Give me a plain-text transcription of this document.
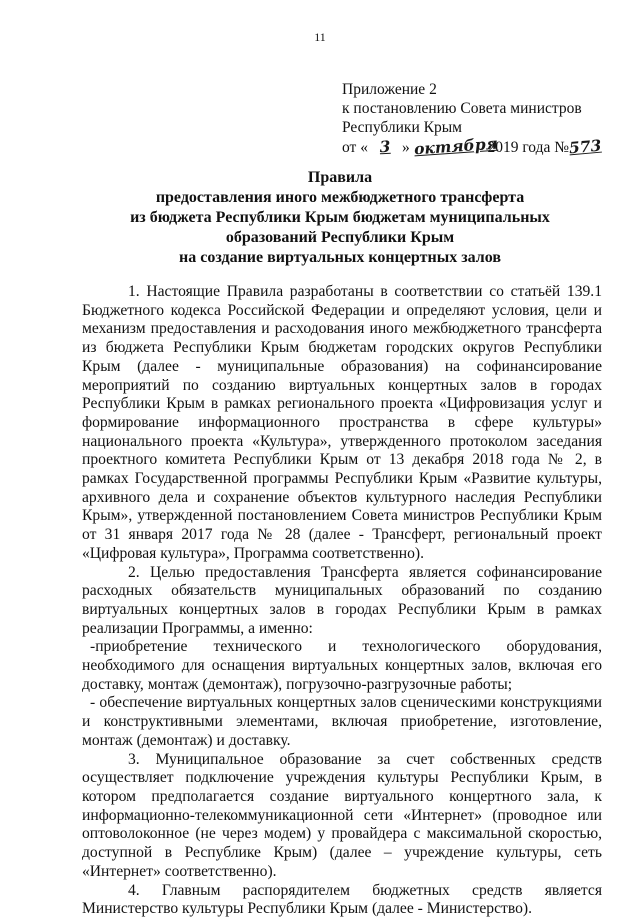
11
Приложение 2
к постановлению Совета министров
Республики Крым
от « 3 » октября 2019 года №573
Правила
предоставления иного межбюджетного трансферта
из бюджета Республики Крым бюджетам муниципальных
образований Республики Крым
на создание виртуальных концертных залов

1. Настоящие Правила разработаны в соответствии со статьёй 139.1 Бюджетного кодекса Российской Федерации и определяют условия, цели и механизм предоставления и расходования иного межбюджетного трансферта из бюджета Республики Крым бюджетам городских округов Республики Крым (далее - муниципальные образования) на софинансирование мероприятий по созданию виртуальных концертных залов в городах Республики Крым в рамках регионального проекта «Цифровизация услуг и формирование информационного пространства в сфере культуры» национального проекта «Культура», утвержденного протоколом заседания проектного комитета Республики Крым от 13 декабря 2018 года № 2, в рамках Государственной программы Республики Крым «Развитие культуры, архивного дела и сохранение объектов культурного наследия Республики Крым», утвержденной постановлением Совета министров Республики Крым от 31 января 2017 года № 28 (далее - Трансферт, региональный проект «Цифровая культура», Программа соответственно).

2. Целью предоставления Трансферта является софинансирование расходных обязательств муниципальных образований по созданию виртуальных концертных залов в городах Республики Крым в рамках реализации Программы, а именно:

-приобретение технического и технологического оборудования, необходимого для оснащения виртуальных концертных залов, включая его доставку, монтаж (демонтаж), погрузочно-разгрузочные работы;

- обеспечение виртуальных концертных залов сценическими конструкциями и конструктивными элементами, включая приобретение, изготовление, монтаж (демонтаж) и доставку.

3. Муниципальное образование за счет собственных средств осуществляет подключение учреждения культуры Республики Крым, в котором предполагается создание виртуального концертного зала, к информационно-телекоммуникационной сети «Интернет» (проводное или оптоволоконное (не через модем) у провайдера с максимальной скоростью, доступной в Республике Крым) (далее – учреждение культуры, сеть «Интернет» соответственно).

4. Главным распорядителем бюджетных средств является Министерство культуры Республики Крым (далее - Министерство).
